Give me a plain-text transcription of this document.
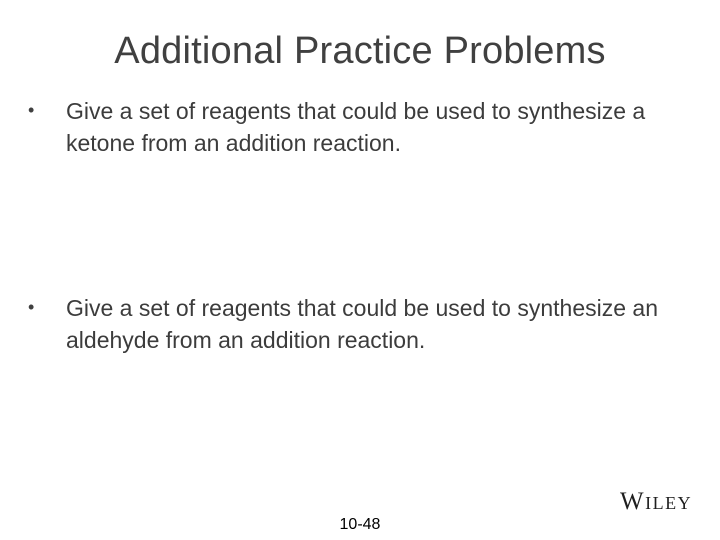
Additional Practice Problems
•	Give a set of reagents that could be used to synthesize a ketone from an addition reaction.
•	Give a set of reagents that could be used to synthesize an aldehyde from an addition reaction.
10-48
Wiley
